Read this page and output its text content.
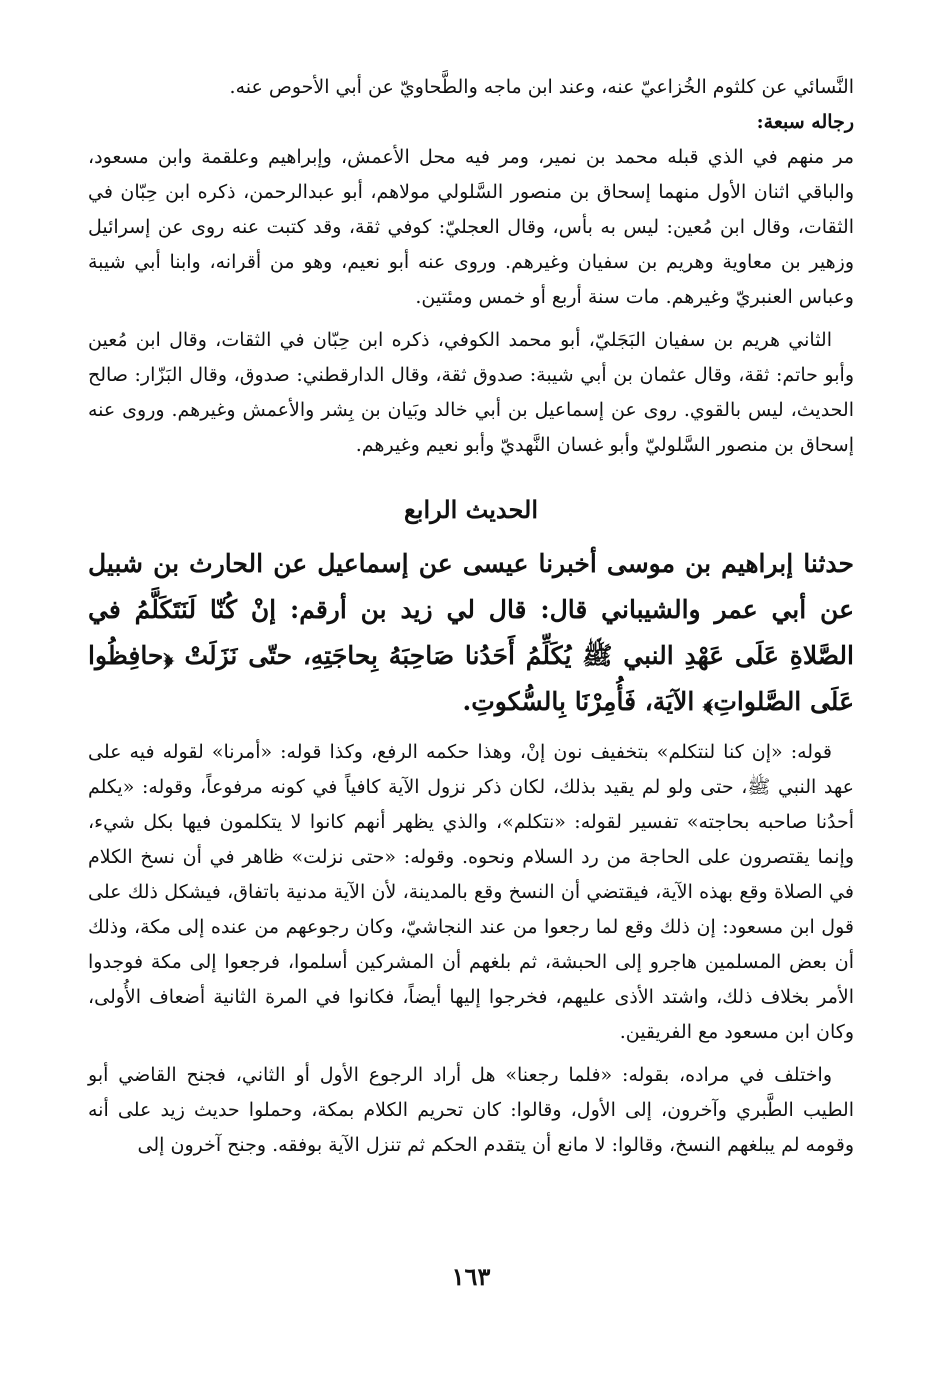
النَّسائي عن كلثوم الخُزاعيّ عنه، وعند ابن ماجه والطَّحاويّ عن أبي الأحوص عنه.

رجاله سبعة:

مر منهم في الذي قبله محمد بن نمير، ومر فيه محل الأعمش، وإبراهيم وعلقمة وابن مسعود، والباقي اثنان الأول منهما إسحاق بن منصور السَّلولي مولاهم، أبو عبدالرحمن، ذكره ابن حِبّان في الثقات، وقال ابن مُعين: ليس به بأس، وقال العجليّ: كوفي ثقة، وقد كتبت عنه روى عن إسرائيل وزهير بن معاوية وهريم بن سفيان وغيرهم. وروى عنه أبو نعيم، وهو من أقرانه، وابنا أبي شيبة وعباس العنبريّ وغيرهم. مات سنة أربع أو خمس ومئتين.

الثاني هريم بن سفيان البَجَليّ، أبو محمد الكوفي، ذكره ابن حِبّان في الثقات، وقال ابن مُعين وأبو حاتم: ثقة، وقال عثمان بن أبي شيبة: صدوق ثقة، وقال الدارقطني: صدوق، وقال البَزّار: صالح الحديث، ليس بالقوي. روى عن إسماعيل بن أبي خالد وبَيان بن بِشر والأعمش وغيرهم. وروى عنه إسحاق بن منصور السَّلوليّ وأبو غسان النَّهديّ وأبو نعيم وغيرهم.

الحديث الرابع

حدثنا إبراهيم بن موسى أخبرنا عيسى عن إسماعيل عن الحارث بن شبيل عن أبي عمر والشيباني قال: قال لي زيد بن أرقم: إنْ كُنّا لَنَتَكَلَّمُ في الصَّلاةِ عَلَى عَهْدِ النبي ﷺ يُكَلِّمُ أَحَدُنا صَاحِبَهُ بِحاجَتِهِ، حتّى نَزَلَتْ ﴿حافِظُوا عَلَى الصَّلواتِ﴾ الآيَة، فَأُمِرْنَا بِالسُّكوتِ.

قوله: «إن كنا لنتكلم» بتخفيف نون إنْ، وهذا حكمه الرفع، وكذا قوله: «أمرنا» لقوله فيه على عهد النبي ﷺ، حتى ولو لم يقيد بذلك، لكان ذكر نزول الآية كافياً في كونه مرفوعاً، وقوله: «يكلم أحدُنا صاحبه بحاجته» تفسير لقوله: «نتكلم»، والذي يظهر أنهم كانوا لا يتكلمون فيها بكل شيء، وإنما يقتصرون على الحاجة من رد السلام ونحوه. وقوله: «حتى نزلت» ظاهر في أن نسخ الكلام في الصلاة وقع بهذه الآية، فيقتضي أن النسخ وقع بالمدينة، لأن الآية مدنية باتفاق، فيشكل ذلك على قول ابن مسعود: إن ذلك وقع لما رجعوا من عند النجاشيّ، وكان رجوعهم من عنده إلى مكة، وذلك أن بعض المسلمين هاجرو إلى الحبشة، ثم بلغهم أن المشركين أسلموا، فرجعوا إلى مكة فوجدوا الأمر بخلاف ذلك، واشتد الأذى عليهم، فخرجوا إليها أيضاً، فكانوا في المرة الثانية أضعاف الأُولى، وكان ابن مسعود مع الفريقين.

واختلف في مراده، بقوله: «فلما رجعنا» هل أراد الرجوع الأول أو الثاني، فجنح القاضي أبو الطيب الطَّبري وآخرون، إلى الأول، وقالوا: كان تحريم الكلام بمكة، وحملوا حديث زيد على أنه وقومه لم يبلغهم النسخ، وقالوا: لا مانع أن يتقدم الحكم ثم تنزل الآية بوفقه. وجنح آخرون إلى

١٦٣
